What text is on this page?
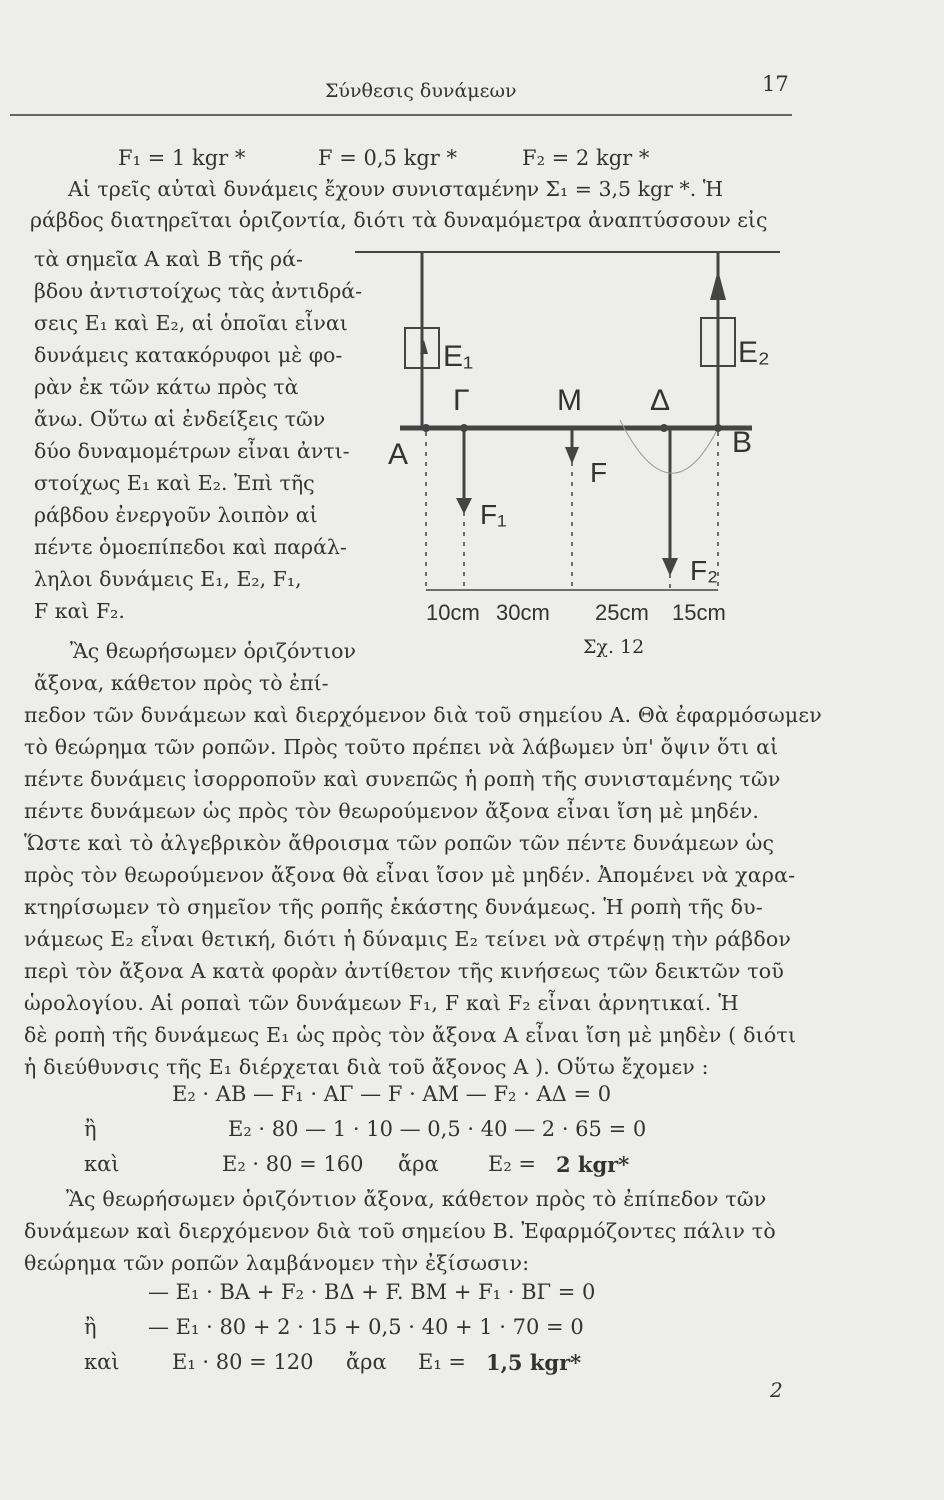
Σύνθεσις δυνάμεων	17
F₁ = 1 kgr *	F = 0,5 kgr *	F₂ = 2 kgr *
Αἱ τρεῖς αὐταὶ δυνάμεις ἔχουν συνισταμένην Σ₁ = 3,5 kgr *. Ἡ
ράβδος διατηρεῖται ὁριζοντία, διότι τὰ δυναμόμετρα ἀναπτύσσουν εἰς
τὰ σημεῖα Α καὶ Β τῆς ρά-
βδου ἀντιστοίχως τὰς ἀντιδρά-
σεις E₁ καὶ E₂, αἱ ὁποῖαι εἶναι
δυνάμεις κατακόρυφοι μὲ φο-
ρὰν ἐκ τῶν κάτω πρὸς τὰ
ἄνω. Οὕτω αἱ ἐνδείξεις τῶν
δύο δυναμομέτρων εἶναι ἀντι-
στοίχως E₁ καὶ E₂. Ἐπὶ τῆς
ράβδου ἐνεργοῦν λοιπὸν αἱ
πέντε ὁμοεπίπεδοι καὶ παράλ-
ληλοι δυνάμεις E₁, E₂, F₁,
F καὶ F₂.
Ἂς θεωρήσωμεν ὁριζόντιον
ἄξονα, κάθετον πρὸς τὸ ἐπί-
E₁	E₂
Γ	Μ Δ
Α	Β
F
F₁
F₂
10cm 30cm 25cm 15cm
Σχ. 12
πεδον τῶν δυνάμεων καὶ διερχόμενον διὰ τοῦ σημείου Α. Θὰ ἐφαρμόσωμεν
τὸ θεώρημα τῶν ροπῶν. Πρὸς τοῦτο πρέπει νὰ λάβωμεν ὑπ' ὄψιν ὅτι αἱ
πέντε δυνάμεις ἰσορροποῦν καὶ συνεπῶς ἡ ροπὴ τῆς συνισταμένης τῶν
πέντε δυνάμεων ὡς πρὸς τὸν θεωρούμενον ἄξονα εἶναι ἴση μὲ μηδέν.
Ὥστε καὶ τὸ ἀλγεβρικὸν ἄθροισμα τῶν ροπῶν τῶν πέντε δυνάμεων ὡς
πρὸς τὸν θεωρούμενον ἄξονα θὰ εἶναι ἴσον μὲ μηδέν. Ἀπομένει νὰ χαρα-
κτηρίσωμεν τὸ σημεῖον τῆς ροπῆς ἑκάστης δυνάμεως. Ἡ ροπὴ τῆς δυ-
νάμεως E₂ εἶναι θετική, διότι ἡ δύναμις E₂ τείνει νὰ στρέψῃ τὴν ράβδον
περὶ τὸν ἄξονα Α κατὰ φορὰν ἀντίθετον τῆς κινήσεως τῶν δεικτῶν τοῦ
ὡρολογίου. Αἱ ροπαὶ τῶν δυνάμεων F₁, F καὶ F₂ εἶναι ἀρνητικαί. Ἡ
δὲ ροπὴ τῆς δυνάμεως E₁ ὡς πρὸς τὸν ἄξονα Α εἶναι ἴση μὲ μηδὲν ( διότι
ἡ διεύθυνσις τῆς E₁ διέρχεται διὰ τοῦ ἄξονος Α ). Οὕτω ἔχομεν :
E₂ · ΑΒ — F₁ · ΑΓ — F · ΑΜ — F₂ · ΑΔ = 0
ἢ	E₂ · 80 — 1 · 10 — 0,5 · 40 — 2 · 65 = 0
καὶ	E₂ · 80 = 160 ἄρα E₂ = 2 kgr*
Ἂς θεωρήσωμεν ὁριζόντιον ἄξονα, κάθετον πρὸς τὸ ἐπίπεδον τῶν
δυνάμεων καὶ διερχόμενον διὰ τοῦ σημείου Β. Ἐφαρμόζοντες πάλιν τὸ
θεώρημα τῶν ροπῶν λαμβάνομεν τὴν ἐξίσωσιν:
— E₁ · ΒΑ + F₂ · ΒΔ + F. ΒΜ + F₁ · ΒΓ = 0
ἢ — E₁ · 80 + 2 · 15 + 0,5 · 40 + 1 · 70 = 0
καὶ E₁ · 80 = 120 ἄρα E₁ = 1,5 kgr*
2
